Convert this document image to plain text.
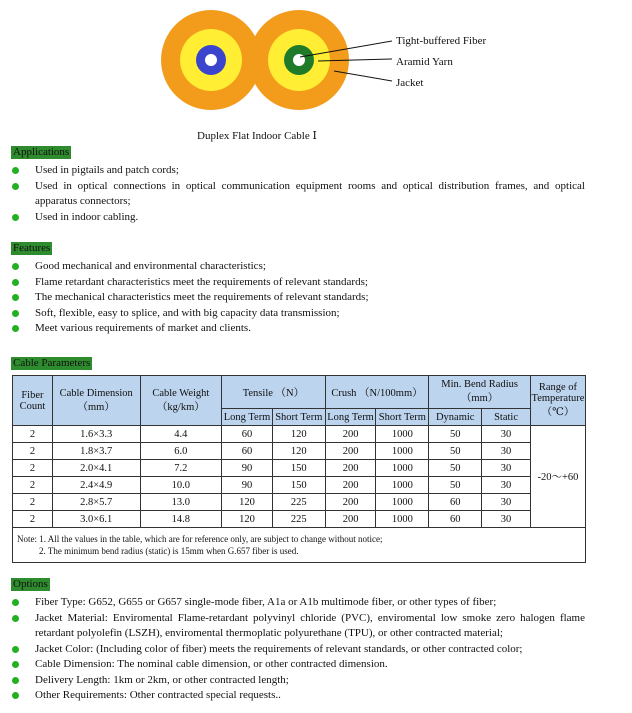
Tight-buffered Fiber
Aramid Yarn
Jacket
Duplex Flat Indoor Cable Ⅰ
Applications
Used in pigtails and patch cords;
Used in optical connections in optical communication equipment rooms and optical distribution frames, and optical apparatus connectors;
Used in indoor cabling.
Features
Good mechanical and environmental characteristics;
Flame retardant characteristics meet the requirements of relevant standards;
The mechanical characteristics meet the requirements of relevant standards;
Soft, flexible, easy to splice, and with big capacity data transmission;
Meet various requirements of market and clients.
Cable Parameters
Fiber Count	Cable Dimension （mm）	Cable Weight （kg/km）	Tensile （N）		Crush （N/100mm）		Min. Bend Radius （mm）		Range of Temperature （℃）
			Long Term	Short Term	Long Term	Short Term	Dynamic	Static	
2	1.6×3.3	4.4	60	120	200	1000	50	30	-20～+60
2	1.8×3.7	6.0	60	120	200	1000	50	30	
2	2.0×4.1	7.2	90	150	200	1000	50	30	
2	2.4×4.9	10.0	90	150	200	1000	50	30	
2	2.8×5.7	13.0	120	225	200	1000	60	30	
2	3.0×6.1	14.8	120	225	200	1000	60	30	

Note: 1. All the values in the table, which are for reference only, are subject to change without notice;
2. The minimum bend radius (static) is 15mm when G.657 fiber is used.									
Options
Fiber Type: G652, G655 or G657 single-mode fiber, A1a or A1b multimode fiber, or other types of fiber;
Jacket Material: Enviromental Flame-retardant polyvinyl chloride (PVC), enviromental low smoke zero halogen flame retardant polyolefin (LSZH), enviromental thermoplatic polyurethane (TPU), or other contracted material;
Jacket Color: (Including color of fiber) meets the requirements of relevant standards, or other contracted color;
Cable Dimension: The nominal cable dimension, or other contracted dimension.
Delivery Length: 1km or 2km, or other contracted length;
Other Requirements: Other contracted special requests..
